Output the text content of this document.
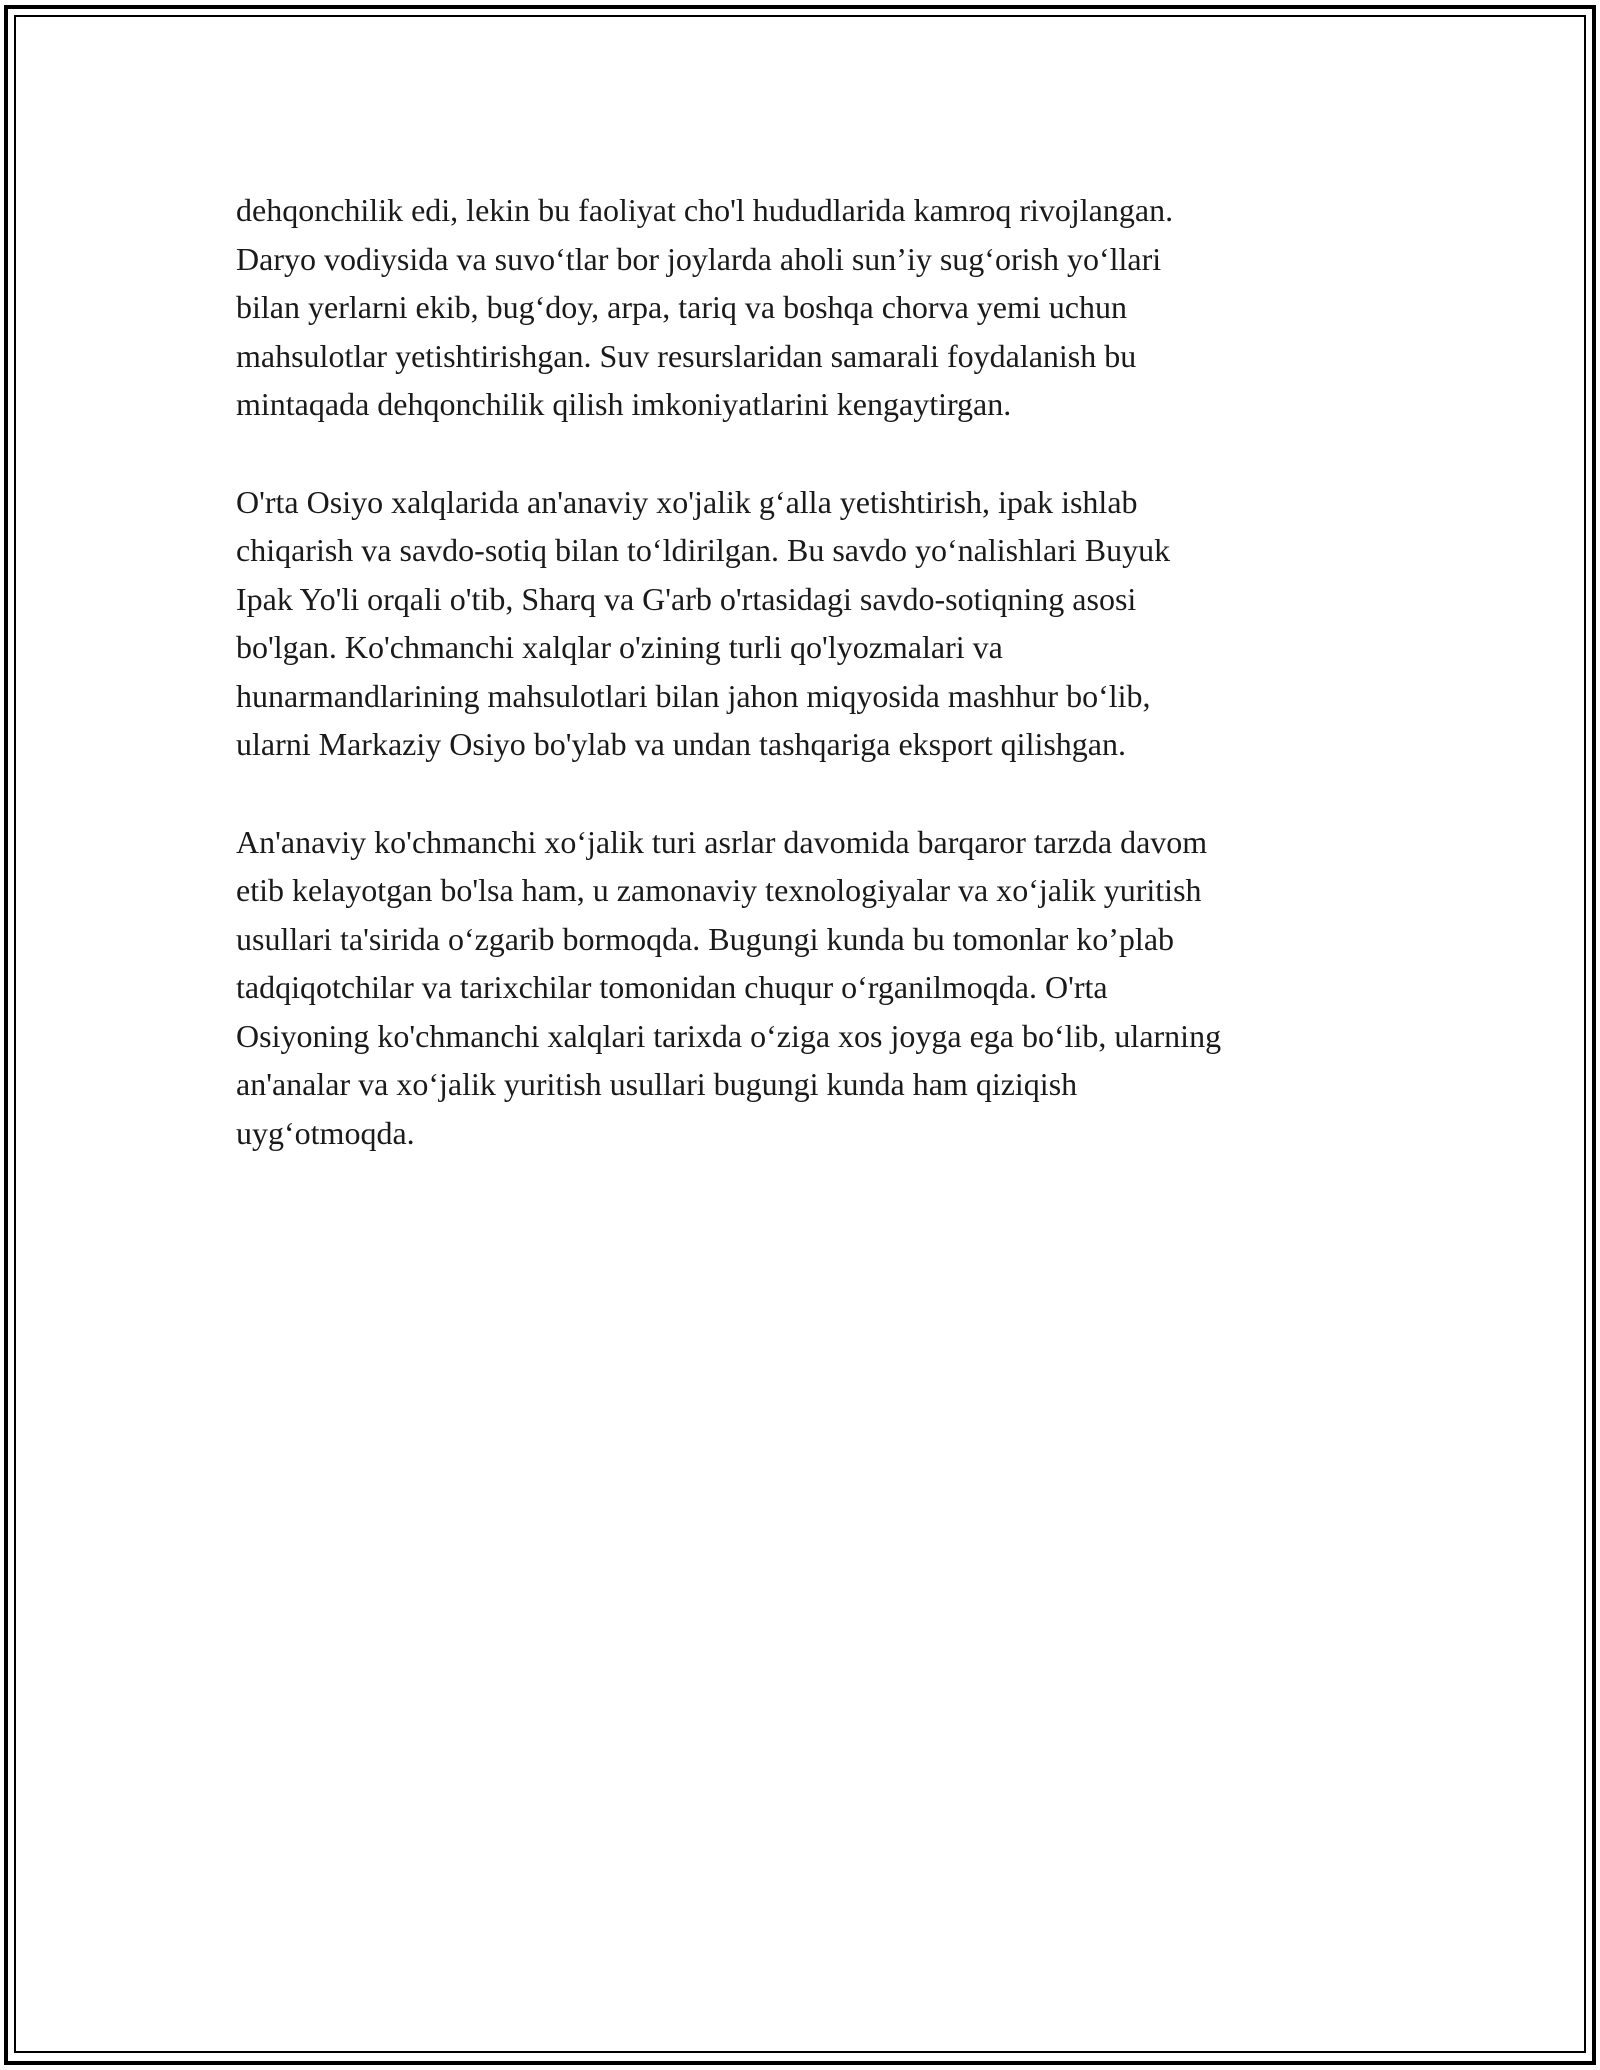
dehqonchilik edi, lekin bu faoliyat cho'l hududlarida kamroq rivojlangan.
Daryo vodiysida va suvo‘tlar bor joylarda aholi sun’iy sug‘orish yo‘llari
bilan yerlarni ekib, bug‘doy, arpa, tariq va boshqa chorva yemi uchun
mahsulotlar yetishtirishgan. Suv resurslaridan samarali foydalanish bu
mintaqada dehqonchilik qilish imkoniyatlarini kengaytirgan.

O'rta Osiyo xalqlarida an'anaviy xo'jalik g‘alla yetishtirish, ipak ishlab
chiqarish va savdo-sotiq bilan to‘ldirilgan. Bu savdo yo‘nalishlari Buyuk
Ipak Yo'li orqali o'tib, Sharq va G'arb o'rtasidagi savdo-sotiqning asosi
bo'lgan. Ko'chmanchi xalqlar o'zining turli qo'lyozmalari va
hunarmandlarining mahsulotlari bilan jahon miqyosida mashhur bo‘lib,
ularni Markaziy Osiyo bo'ylab va undan tashqariga eksport qilishgan.

An'anaviy ko'chmanchi xo‘jalik turi asrlar davomida barqaror tarzda davom
etib kelayotgan bo'lsa ham, u zamonaviy texnologiyalar va xo‘jalik yuritish
usullari ta'sirida o‘zgarib bormoqda. Bugungi kunda bu tomonlar ko’plab
tadqiqotchilar va tarixchilar tomonidan chuqur o‘rganilmoqda. O'rta
Osiyoning ko'chmanchi xalqlari tarixda o‘ziga xos joyga ega bo‘lib, ularning
an'analar va xo‘jalik yuritish usullari bugungi kunda ham qiziqish
uyg‘otmoqda.
